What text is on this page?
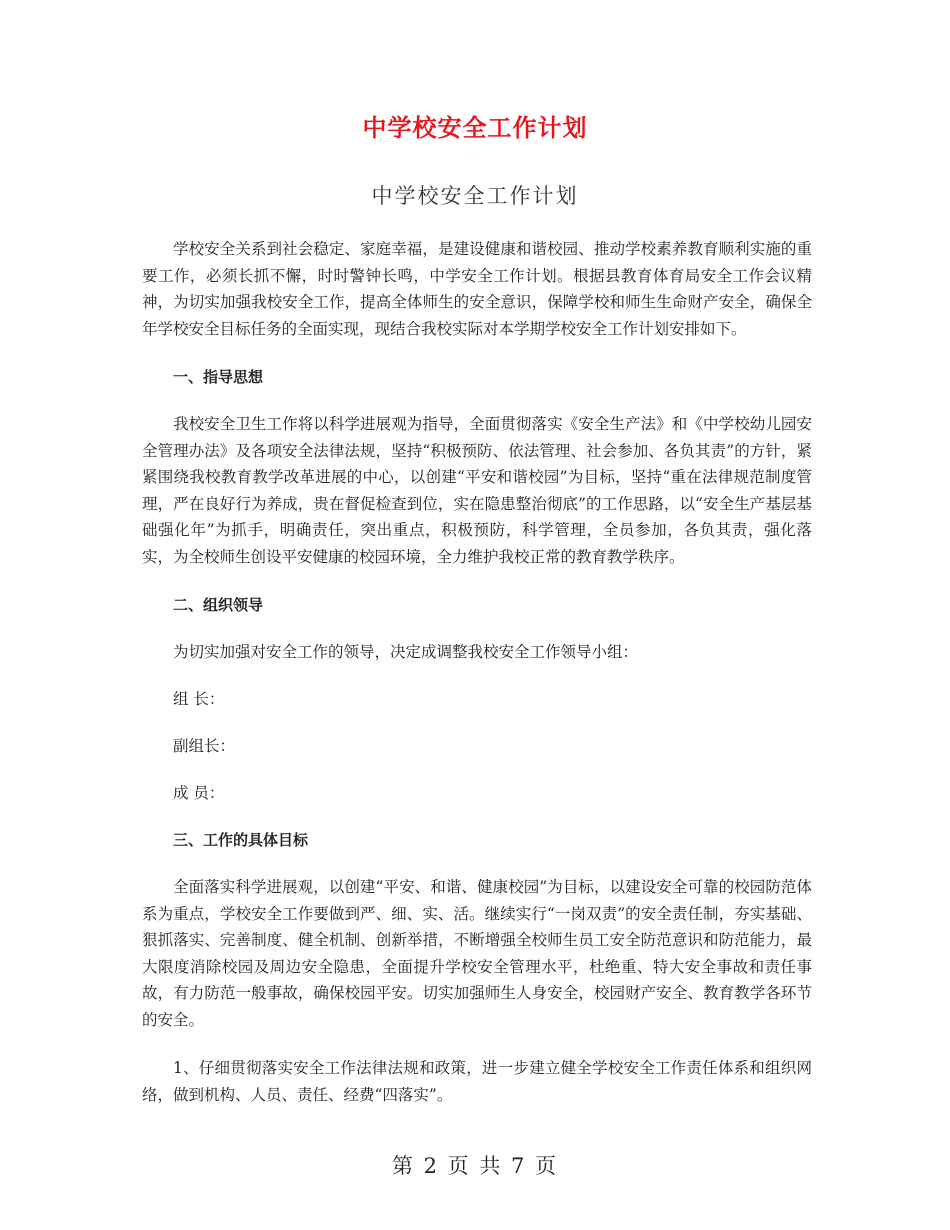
中学校安全工作计划
中学校安全工作计划

学校安全关系到社会稳定、家庭幸福，是建设健康和谐校园、推动学校素养教育顺利实施的重要工作，必须长抓不懈，时时警钟长鸣，中学安全工作计划。根据县教育体育局安全工作会议精神，为切实加强我校安全工作，提高全体师生的安全意识，保障学校和师生生命财产安全，确保全年学校安全目标任务的全面实现，现结合我校实际对本学期学校安全工作计划安排如下。

一、指导思想

我校安全卫生工作将以科学进展观为指导，全面贯彻落实《安全生产法》和《中学校幼儿园安全管理办法》及各项安全法律法规，坚持“积极预防、依法管理、社会参加、各负其责”的方针，紧紧围绕我校教育教学改革进展的中心，以创建“平安和谐校园”为目标，坚持“重在法律规范制度管理，严在良好行为养成，贵在督促检查到位，实在隐患整治彻底”的工作思路，以“安全生产基层基础强化年”为抓手，明确责任，突出重点，积极预防，科学管理，全员参加，各负其责，强化落实，为全校师生创设平安健康的校园环境，全力维护我校正常的教育教学秩序。

二、组织领导

为切实加强对安全工作的领导，决定成调整我校安全工作领导小组：

组 长：

副组长：

成 员：

三、工作的具体目标

全面落实科学进展观，以创建“平安、和谐、健康校园”为目标，以建设安全可靠的校园防范体系为重点，学校安全工作要做到严、细、实、活。继续实行“一岗双责”的安全责任制，夯实基础、狠抓落实、完善制度、健全机制、创新举措，不断增强全校师生员工安全防范意识和防范能力，最大限度消除校园及周边安全隐患，全面提升学校安全管理水平，杜绝重、特大安全事故和责任事故，有力防范一般事故，确保校园平安。切实加强师生人身安全，校园财产安全、教育教学各环节的安全。

1、仔细贯彻落实安全工作法律法规和政策，进一步建立健全学校安全工作责任体系和组织网络，做到机构、人员、责任、经费“四落实”。

第 2 页 共 7 页
